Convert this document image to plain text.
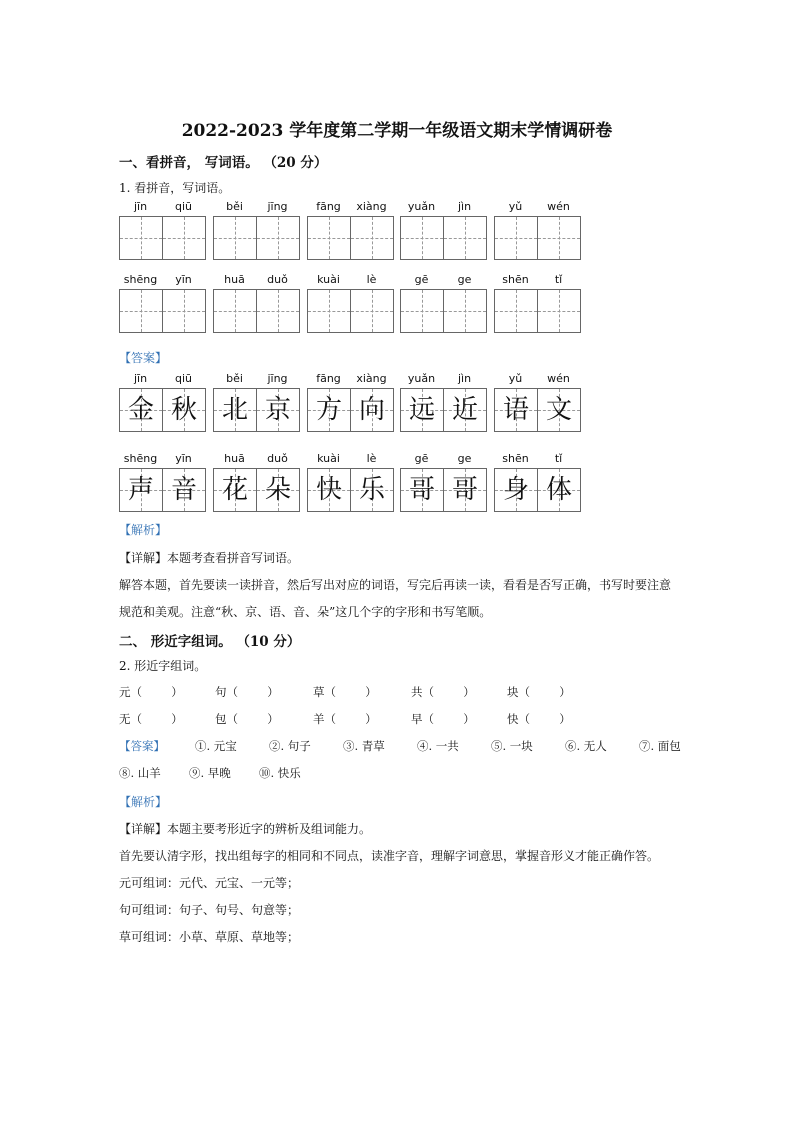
2022-2023 学年度第二学期一年级语文期末学情调研卷
一、看拼音， 写词语。 （20 分）
1. 看拼音，写词语。
jīn	qiū	běi	jīng	fāng	xiàng	yuǎn	jìn	yǔ	wén
shēng	yīn	huā	duǒ	kuài	lè	gē	ge	shēn	tǐ
【答案】
jīn	qiū
金 秋
běi	jīng
北 京
fāng	xiàng
方 向
yuǎn	jìn
远 近
yǔ	wén
语 文
shēng	yīn
声 音
huā	duǒ
花 朵
kuài	lè
快 乐
gē	ge
哥 哥
shēn	tǐ
身 体
【解析】
【详解】本题考查看拼音写词语。
解答本题，首先要读一读拼音，然后写出对应的词语，写完后再读一读，看看是否写正确，书写时要注意
规范和美观。注意“秋、京、语、音、朵”这几个字的字形和书写笔顺。
二、 形近字组词。 （10 分）
2. 形近字组词。
元（        ）	句（        ）	草（        ）	共（        ）	块（        ）
无（        ）	包（        ）	羊（        ）	早（        ）	快（        ）
【答案】	①. 元宝	②. 句子	③. 青草	④. 一共	⑤. 一块	⑥. 无人	⑦. 面包
⑧. 山羊 ⑨. 早晚 ⑩. 快乐
【解析】
【详解】本题主要考形近字的辨析及组词能力。
首先要认清字形，找出组每字的相同和不同点，读准字音，理解字词意思，掌握音形义才能正确作答。
元可组词：元代、元宝、一元等；
句可组词：句子、句号、句意等；
草可组词：小草、草原、草地等；
